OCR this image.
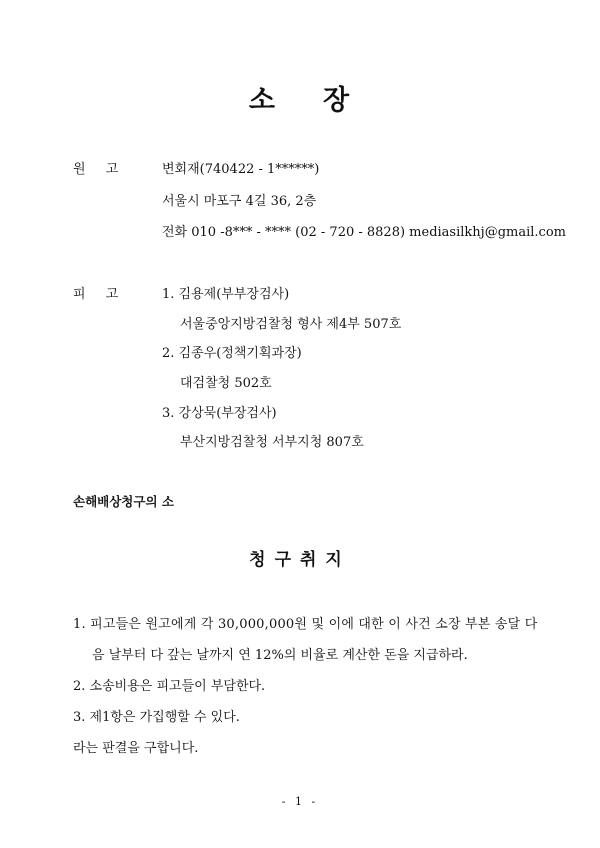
소 장
원 고	변회재(740422 - 1******)
서울시 마포구 4길 36, 2층
전화 010 -8*** - **** (02 - 720 - 8828) mediasilkhj@gmail.com
피 고	1. 김용제(부부장검사)
서울중앙지방검찰청 형사 제4부 507호
2. 김종우(정책기획과장)
대검찰청 502호
3. 강상묵(부장검사)
부산지방검찰청 서부지청 807호
손해배상청구의 소
청구취지
1. 피고들은 원고에게 각 30,000,000원 및 이에 대한 이 사건 소장 부본 송달 다
음 날부터 다 갚는 날까지 연 12%의 비율로 계산한 돈을 지급하라.
2. 소송비용은 피고들이 부담한다.
3. 제1항은 가집행할 수 있다.
라는 판결을 구합니다.
- 1 -
